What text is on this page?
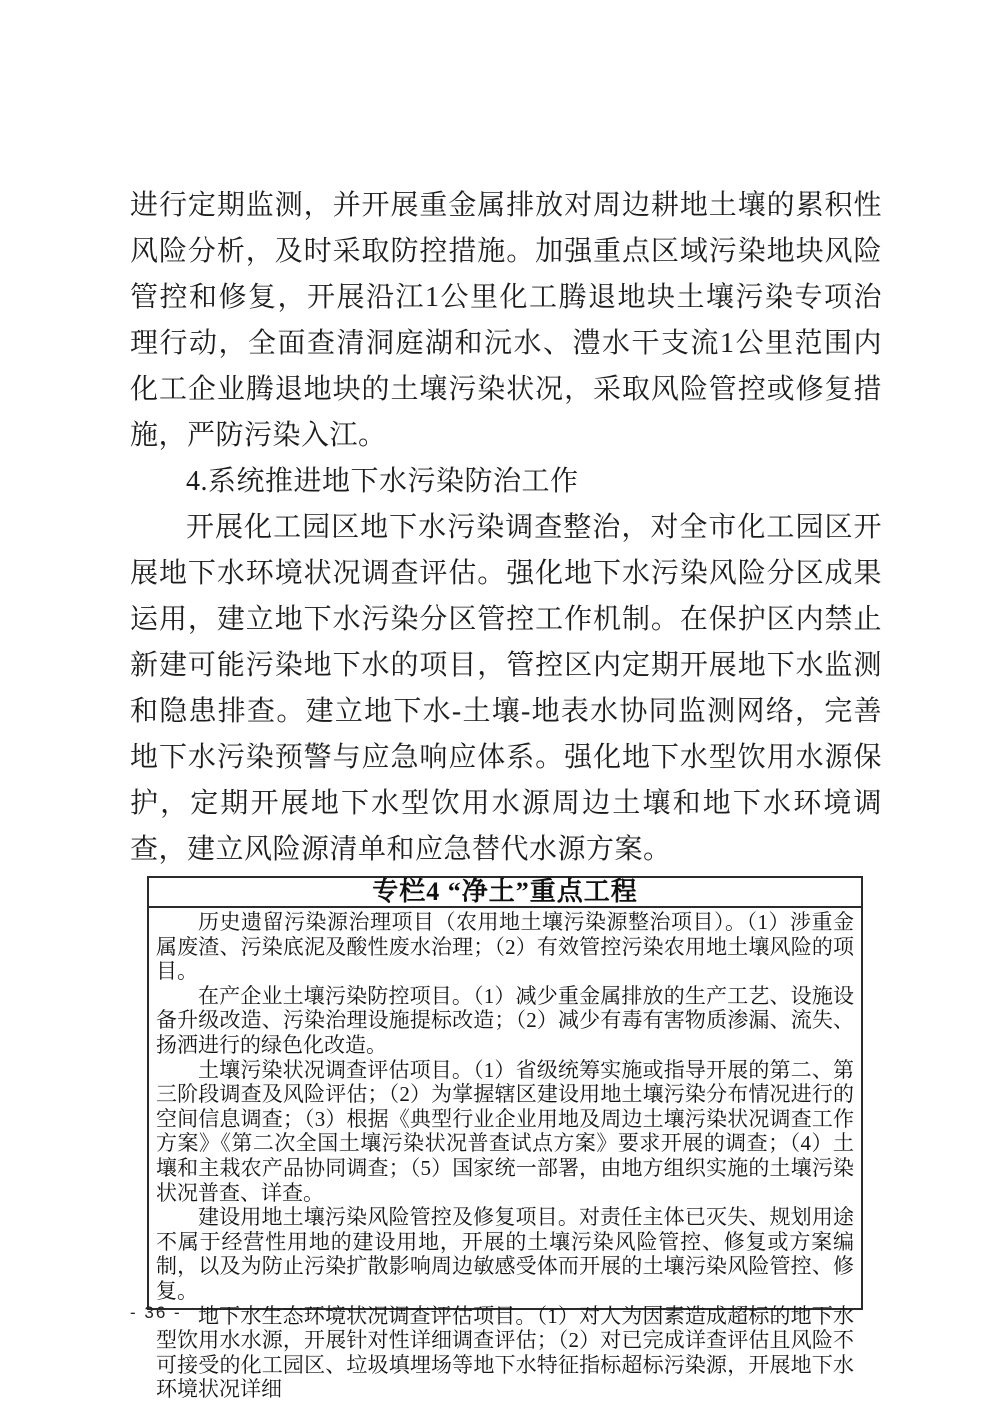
进行定期监测，并开展重金属排放对周边耕地土壤的累积性风险分析，及时采取防控措施。加强重点区域污染地块风险管控和修复，开展沿江1公里化工腾退地块土壤污染专项治理行动，全面查清洞庭湖和沅水、澧水干支流1公里范围内化工企业腾退地块的土壤污染状况，采取风险管控或修复措施，严防污染入江。

4.系统推进地下水污染防治工作

开展化工园区地下水污染调查整治，对全市化工园区开展地下水环境状况调查评估。强化地下水污染风险分区成果运用，建立地下水污染分区管控工作机制。在保护区内禁止新建可能污染地下水的项目，管控区内定期开展地下水监测和隐患排查。建立地下水-土壤-地表水协同监测网络，完善地下水污染预警与应急响应体系。强化地下水型饮用水源保护，定期开展地下水型饮用水源周边土壤和地下水环境调查，建立风险源清单和应急替代水源方案。

专栏4 “净土”重点工程

历史遗留污染源治理项目（农用地土壤污染源整治项目）。（1）涉重金属废渣、污染底泥及酸性废水治理；（2）有效管控污染农用地土壤风险的项目。

在产企业土壤污染防控项目。（1）减少重金属排放的生产工艺、设施设备升级改造、污染治理设施提标改造；（2）减少有毒有害物质渗漏、流失、扬洒进行的绿色化改造。

土壤污染状况调查评估项目。（1）省级统筹实施或指导开展的第二、第三阶段调查及风险评估；（2）为掌握辖区建设用地土壤污染分布情况进行的空间信息调查；（3）根据《典型行业企业用地及周边土壤污染状况调查工作方案》《第二次全国土壤污染状况普查试点方案》要求开展的调查；（4）土壤和主栽农产品协同调查；（5）国家统一部署，由地方组织实施的土壤污染状况普查、详查。

建设用地土壤污染风险管控及修复项目。对责任主体已灭失、规划用途不属于经营性用地的建设用地，开展的土壤污染风险管控、修复或方案编制，以及为防止污染扩散影响周边敏感受体而开展的土壤污染风险管控、修复。

地下水生态环境状况调查评估项目。（1）对人为因素造成超标的地下水型饮用水水源，开展针对性详细调查评估；（2）对已完成详查评估且风险不可接受的化工园区、垃圾填埋场等地下水特征指标超标污染源，开展地下水环境状况详细

- 36 -
